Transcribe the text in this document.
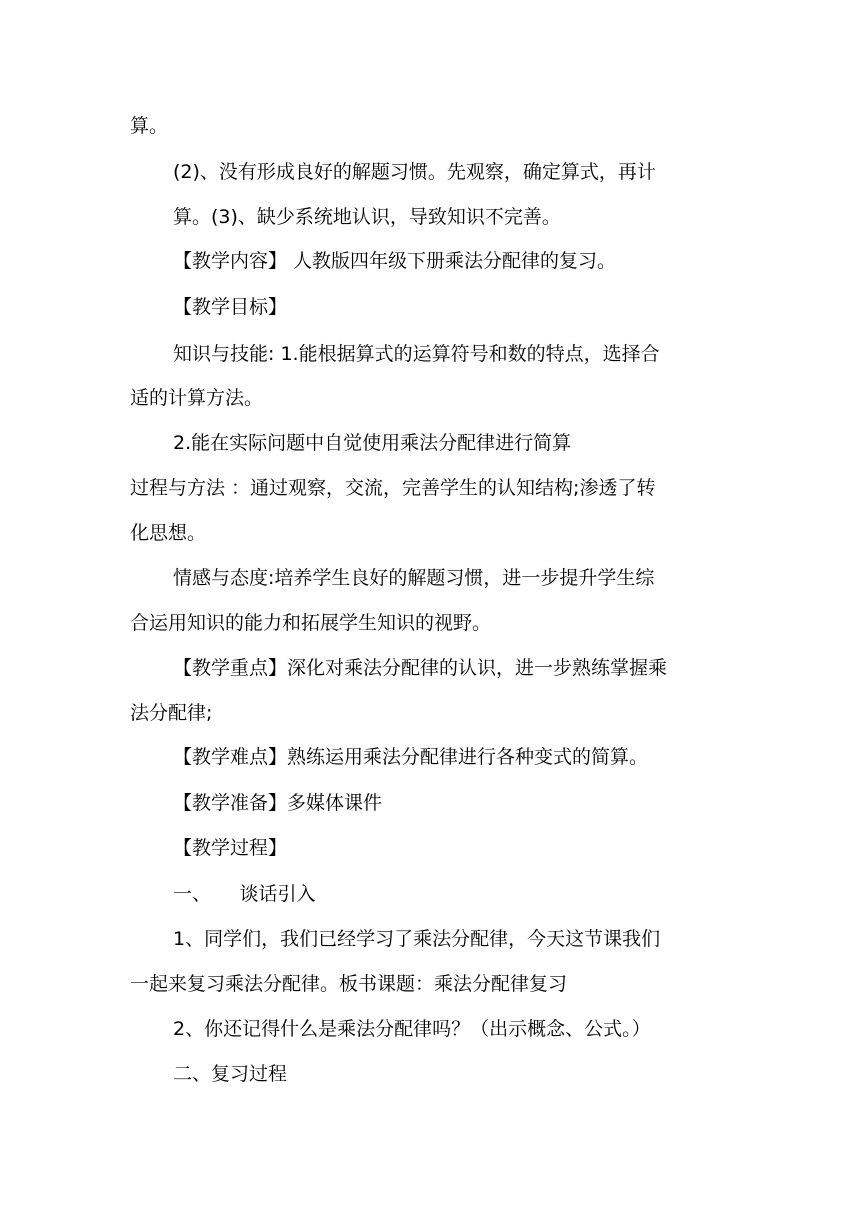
算。
(2)、没有形成良好的解题习惯。先观察，确定算式，再计
算。(3)、缺少系统地认识，导致知识不完善。
【教学内容】 人教版四年级下册乘法分配律的复习。
【教学目标】
知识与技能: 1.能根据算式的运算符号和数的特点，选择合
适的计算方法。
2.能在实际问题中自觉使用乘法分配律进行简算
过程与方法 ：通过观察，交流，完善学生的认知结构;渗透了转
化思想。
情感与态度:培养学生良好的解题习惯，进一步提升学生综
合运用知识的能力和拓展学生知识的视野。
【教学重点】深化对乘法分配律的认识，进一步熟练掌握乘
法分配律;
【教学难点】熟练运用乘法分配律进行各种变式的简算。
【教学准备】多媒体课件
【教学过程】
一、　　谈话引入
1、同学们，我们已经学习了乘法分配律，今天这节课我们
一起来复习乘法分配律。板书课题：乘法分配律复习
2、你还记得什么是乘法分配律吗？（出示概念、公式。）
二、复习过程
